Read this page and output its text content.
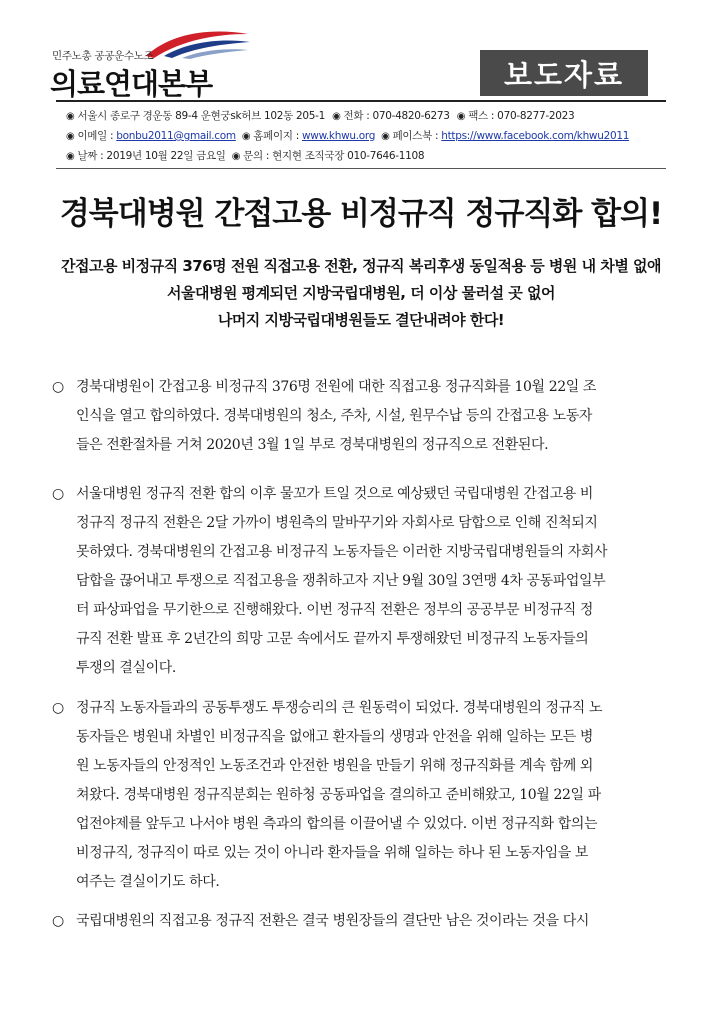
민주노총 공공운수노조
의료연대본부	보도자료
◉ 서울시 종로구 경운동 89-4 운현궁sk허브 102동 205-1 ◉ 전화 : 070-4820-6273 ◉ 팩스 : 070-8277-2023
◉ 이메일 : bonbu2011@gmail.com ◉ 홈페이지 : www.khwu.org ◉ 페이스북 : https://www.facebook.com/khwu2011
◉ 날짜 : 2019년 10월 22일 금요일 ◉ 문의 : 현지현 조직국장 010-7646-1108
경북대병원 간접고용 비정규직 정규직화 합의!
간접고용 비정규직 376명 전원 직접고용 전환, 정규직 복리후생 동일적용 등 병원 내 차별 없애
서울대병원 평계되던 지방국립대병원, 더 이상 물러설 곳 없어
나머지 지방국립대병원들도 결단내려야 한다!
○ 경북대병원이 간접고용 비정규직 376명 전원에 대한 직접고용 정규직화를 10월 22일 조
인식을 열고 합의하였다. 경북대병원의 청소, 주차, 시설, 원무수납 등의 간접고용 노동자
들은 전환절차를 거쳐 2020년 3월 1일 부로 경북대병원의 정규직으로 전환된다.
○ 서울대병원 정규직 전환 합의 이후 물꼬가 트일 것으로 예상됐던 국립대병원 간접고용 비
정규직 정규직 전환은 2달 가까이 병원측의 말바꾸기와 자회사로 담합으로 인해 진척되지
못하였다. 경북대병원의 간접고용 비정규직 노동자들은 이러한 지방국립대병원들의 자회사
담합을 끊어내고 투쟁으로 직접고용을 쟁취하고자 지난 9월 30일 3연맹 4차 공동파업일부
터 파상파업을 무기한으로 진행해왔다. 이번 정규직 전환은 정부의 공공부문 비정규직 정
규직 전환 발표 후 2년간의 희망 고문 속에서도 끝까지 투쟁해왔던 비정규직 노동자들의
투쟁의 결실이다.
○ 정규직 노동자들과의 공동투쟁도 투쟁승리의 큰 원동력이 되었다. 경북대병원의 정규직 노
동자들은 병원내 차별인 비정규직을 없애고 환자들의 생명과 안전을 위해 일하는 모든 병
원 노동자들의 안정적인 노동조건과 안전한 병원을 만들기 위해 정규직화를 계속 함께 외
쳐왔다. 경북대병원 정규직분회는 원하청 공동파업을 결의하고 준비해왔고, 10월 22일 파
업전야제를 앞두고 나서야 병원 측과의 합의를 이끌어낼 수 있었다. 이번 정규직화 합의는
비정규직, 정규직이 따로 있는 것이 아니라 환자들을 위해 일하는 하나 된 노동자임을 보
여주는 결실이기도 하다.
○ 국립대병원의 직접고용 정규직 전환은 결국 병원장들의 결단만 남은 것이라는 것을 다시
